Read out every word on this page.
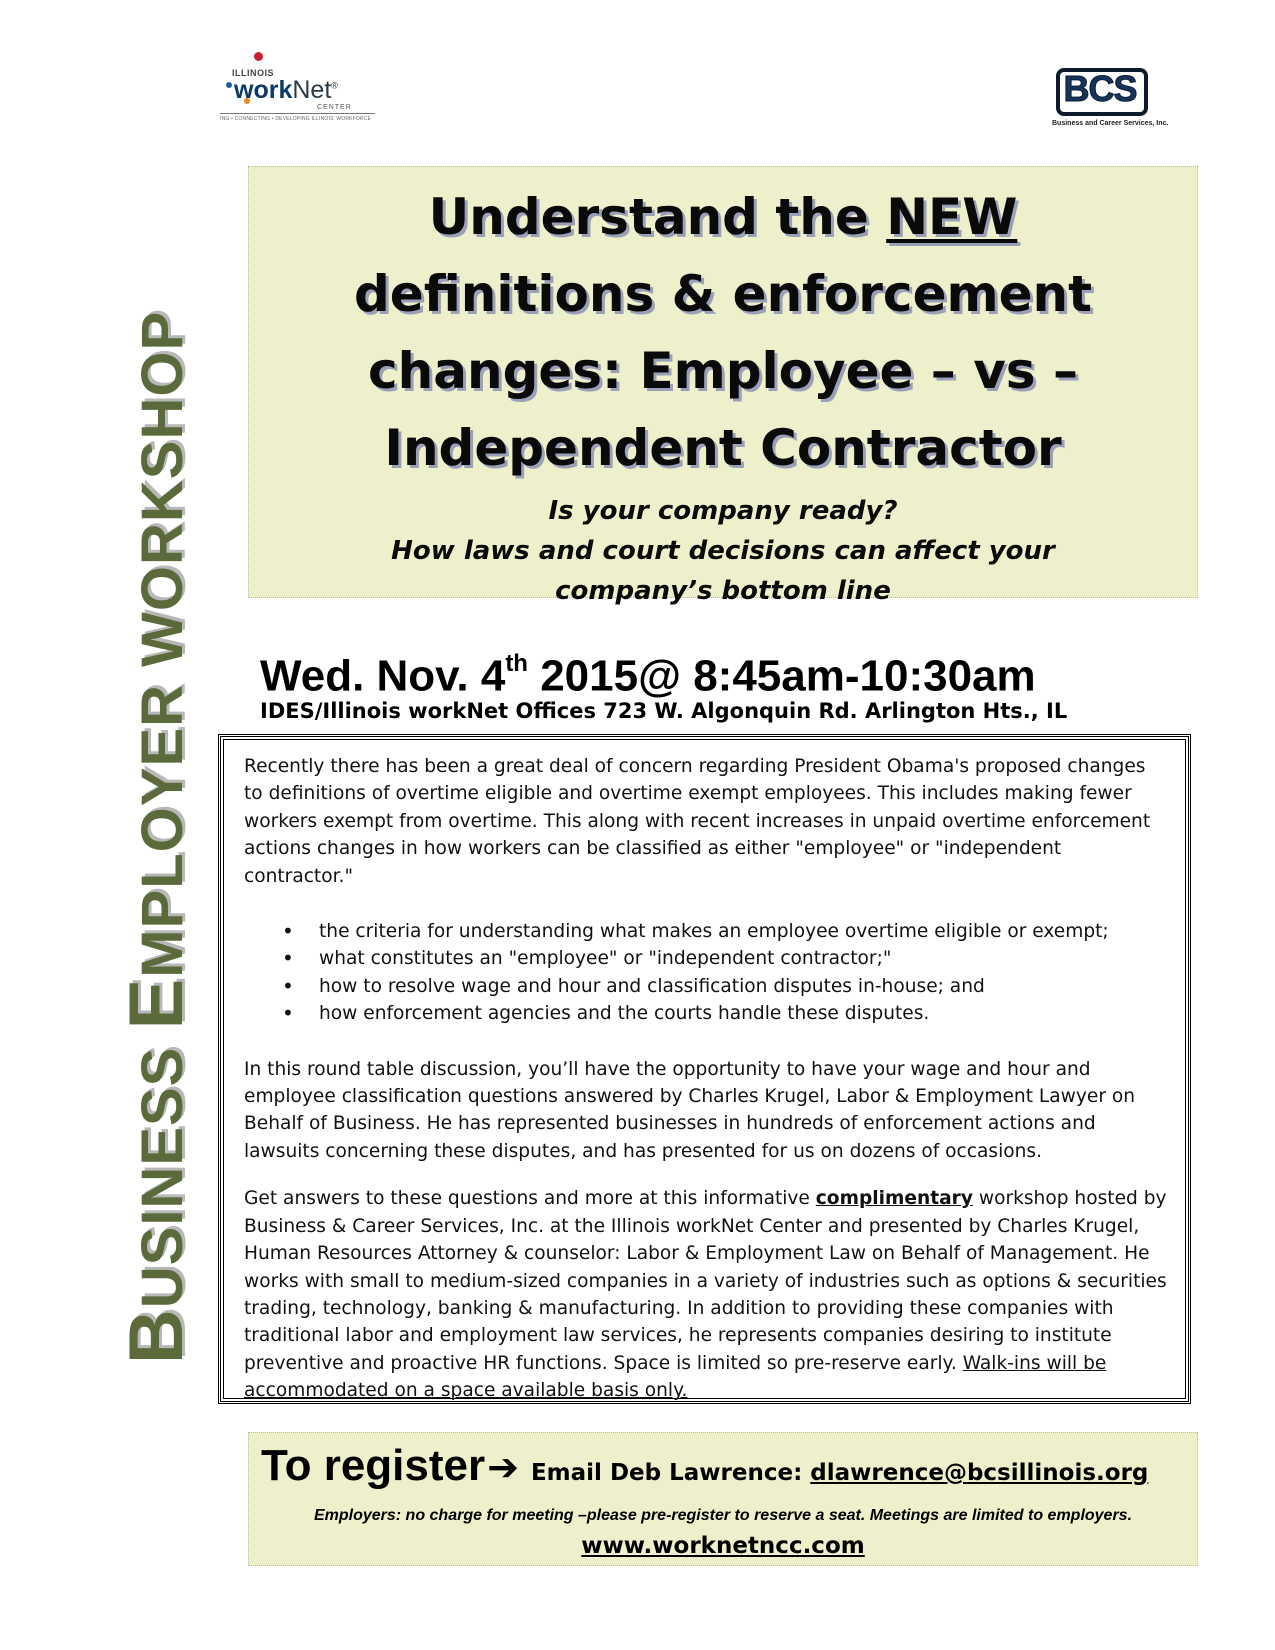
ILLINOIS
workNet®
CENTER
ING • CONNECTING • DEVELOPING ILLINOIS' WORKFORCE
BCS
Business and Career Services, Inc.
BUSINESS EMPLOYER WORKSHOP
Understand the NEW
definitions & enforcement
changes: Employee – vs –
Independent Contractor
Is your company ready?
How laws and court decisions can affect your
company’s bottom line
Wed. Nov. 4th 2015@ 8:45am-10:30am
IDES/Illinois workNet Offices 723 W. Algonquin Rd. Arlington Hts., IL

Recently there has been a great deal of concern regarding President Obama's proposed changes to definitions of overtime eligible and overtime exempt employees. This includes making fewer workers exempt from overtime. This along with recent increases in unpaid overtime enforcement actions changes in how workers can be classified as either "employee" or "independent contractor."

• the criteria for understanding what makes an employee overtime eligible or exempt;
• what constitutes an "employee" or "independent contractor;"
• how to resolve wage and hour and classification disputes in-house; and
• how enforcement agencies and the courts handle these disputes.

In this round table discussion, you’ll have the opportunity to have your wage and hour and employee classification questions answered by Charles Krugel, Labor & Employment Lawyer on Behalf of Business. He has represented businesses in hundreds of enforcement actions and lawsuits concerning these disputes, and has presented for us on dozens of occasions.

Get answers to these questions and more at this informative complimentary workshop hosted by Business & Career Services, Inc. at the Illinois workNet Center and presented by Charles Krugel, Human Resources Attorney & counselor: Labor & Employment Law on Behalf of Management. He works with small to medium-sized companies in a variety of industries such as options & securities trading, technology, banking & manufacturing. In addition to providing these companies with traditional labor and employment law services, he represents companies desiring to institute preventive and proactive HR functions. Space is limited so pre-reserve early. Walk-ins will be accommodated on a space available basis only.

To register➔ Email Deb Lawrence: dlawrence@bcsillinois.org
Employers: no charge for meeting –please pre-register to reserve a seat. Meetings are limited to employers.
www.worknetncc.com
